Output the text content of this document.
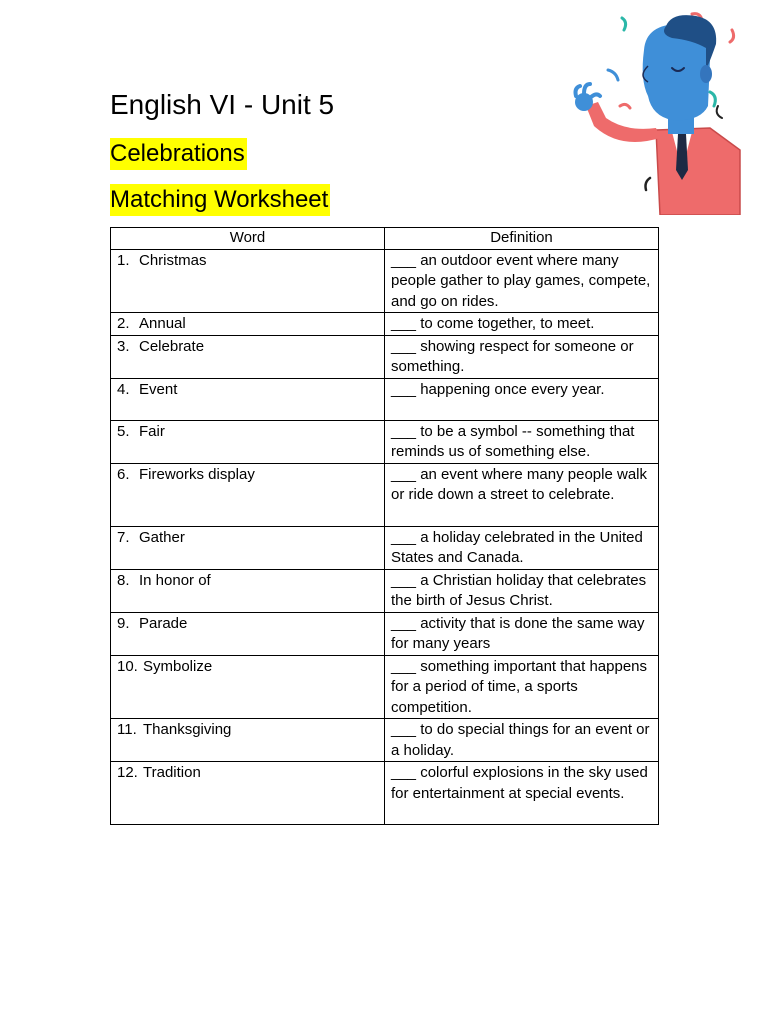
English VI - Unit 5
Celebrations
Matching Worksheet
Word	Definition
1. Christmas	___ an outdoor event where many people gather to play games, compete, and go on rides.
2. Annual	___ to come together, to meet.
3. Celebrate	___ showing respect for someone or something.
4. Event	___ happening once every year.
5. Fair	___ to be a symbol -- something that reminds us of something else.
6. Fireworks display	___ an event where many people walk or ride down a street to celebrate.
7. Gather	___ a holiday celebrated in the United States and Canada.
8. In honor of	___ a Christian holiday that celebrates the birth of Jesus Christ.
9. Parade	___ activity that is done the same way for many years
10. Symbolize	___ something important that happens for a period of time, a sports competition.
11. Thanksgiving	___ to do special things for an event or a holiday.
12. Tradition	___ colorful explosions in the sky used for entertainment at special events.
